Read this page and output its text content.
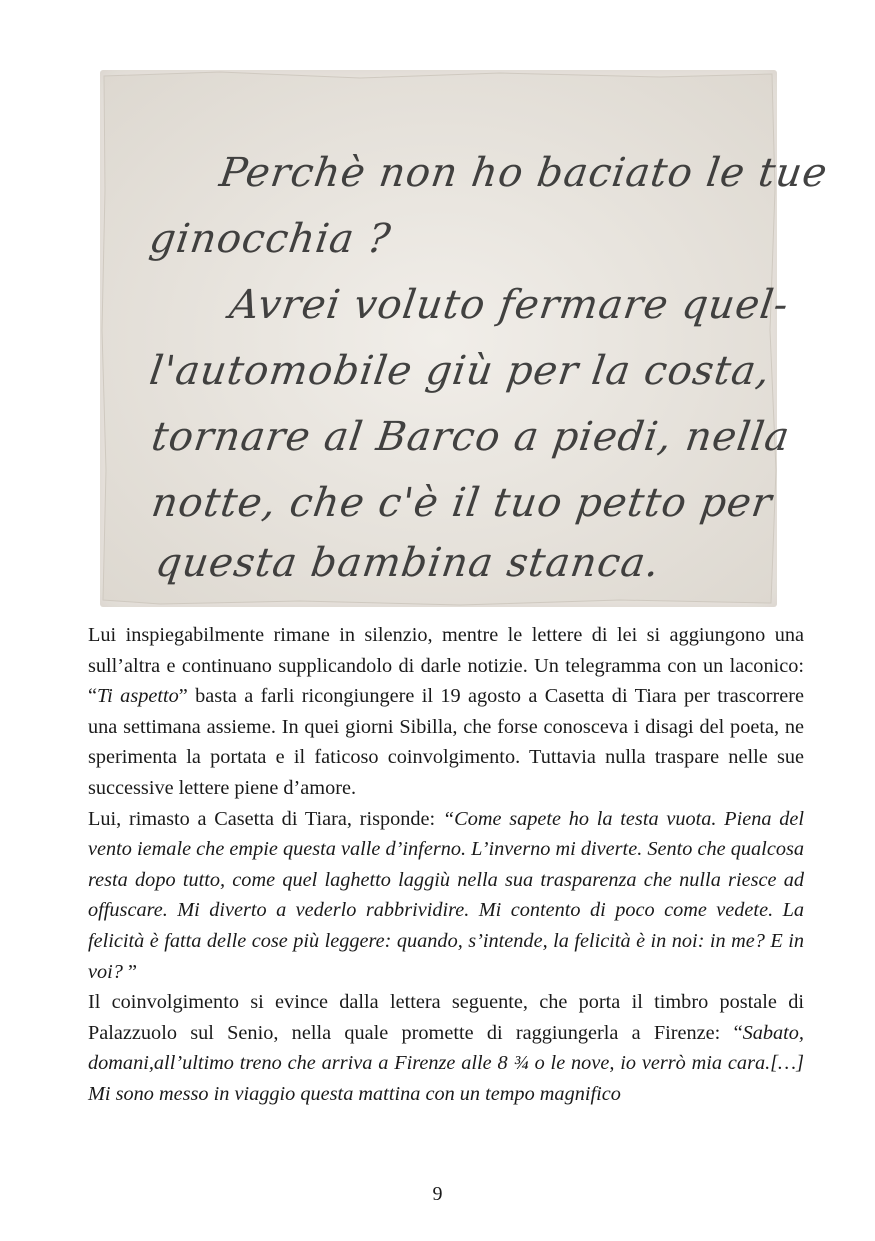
Perchè non ho baciato le tue
ginocchia ?
Avrei voluto fermare quel-
l'automobile giù per la costa,
tornare al Barco a piedi, nella
notte, che c'è il tuo petto per
questa bambina stanca.

Lui inspiegabilmente rimane in silenzio, mentre le lettere di lei si aggiungono una sull’altra e continuano supplicandolo di darle notizie. Un telegramma con un laconico: “Ti aspetto” basta a farli ricongiungere il 19 agosto a Casetta di Tiara per trascorrere una settimana assieme. In quei giorni Sibilla, che forse conosceva i disagi del poeta, ne sperimenta la portata e il faticoso coinvolgimento. Tuttavia nulla traspare nelle sue successive lettere piene d’amore.

Lui, rimasto a Casetta di Tiara, risponde: “Come sapete ho la testa vuota. Piena del vento iemale che empie questa valle d’inferno. L’inverno mi diverte. Sento che qualcosa resta dopo tutto, come quel laghetto laggiù nella sua trasparenza che nulla riesce ad offuscare. Mi diverto a vederlo rabbrividire. Mi contento di poco come vedete. La felicità è fatta delle cose più leggere: quando, s’intende, la felicità è in noi: in me? E in voi? ”

Il coinvolgimento si evince dalla lettera seguente, che porta il timbro postale di Palazzuolo sul Senio, nella quale promette di raggiungerla a Firenze: “Sabato, domani,all’ultimo treno che arriva a Firenze alle 8 ¾ o le nove, io verrò mia cara.[…] Mi sono messo in viaggio questa mattina con un tempo magnifico

9
